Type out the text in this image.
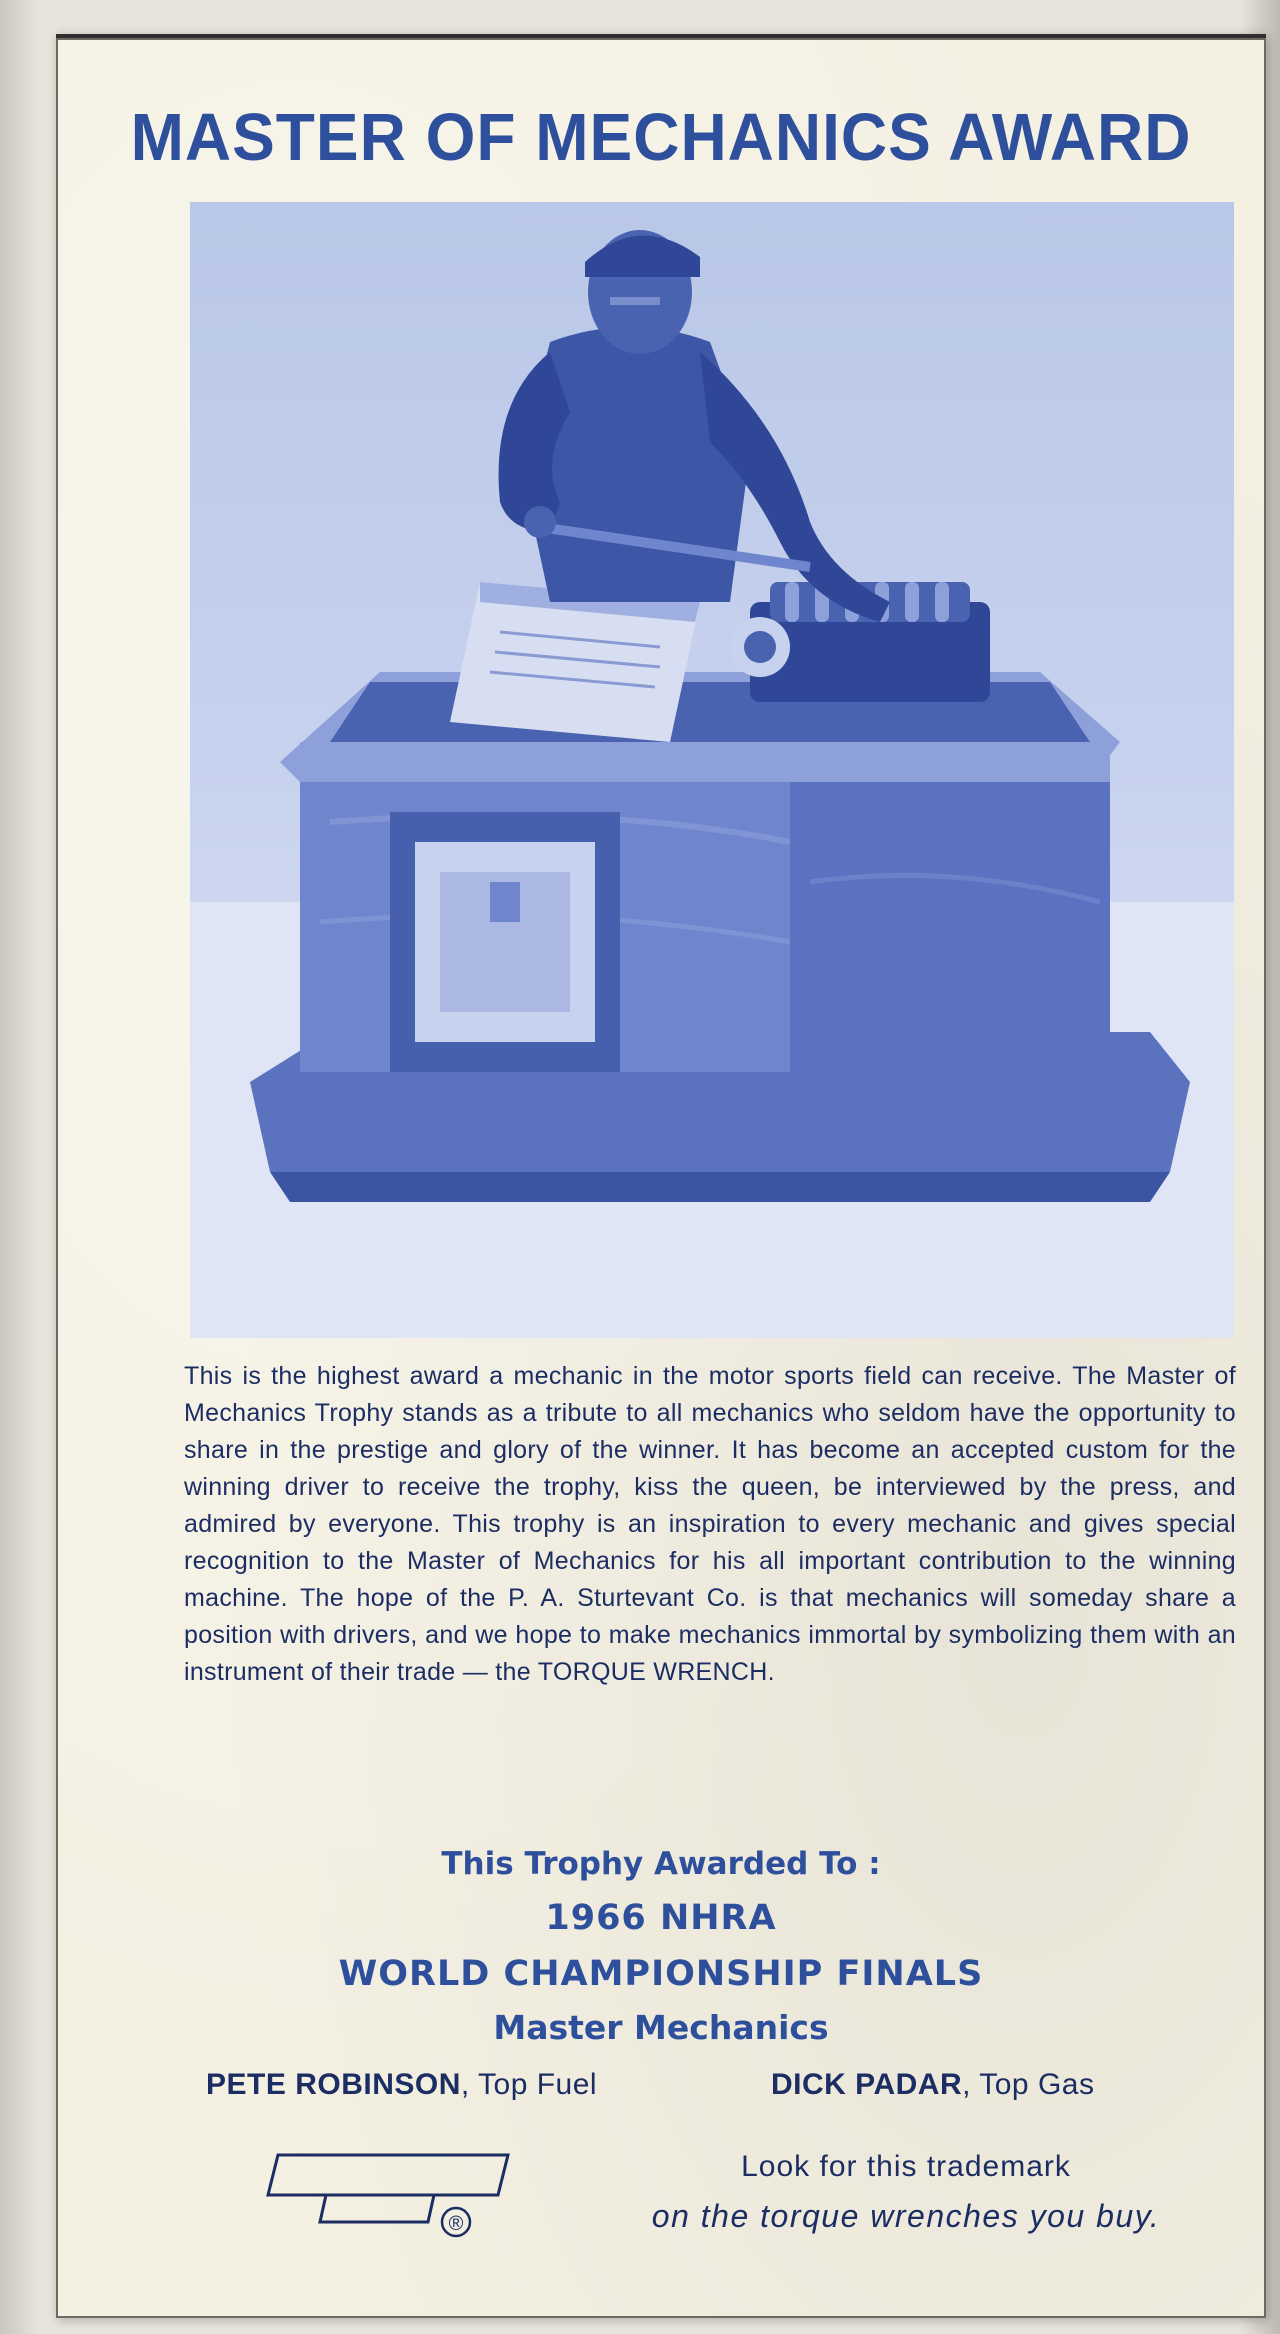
MASTER OF MECHANICS AWARD
This is the highest award a mechanic in the motor sports field can receive. The Master of Mechanics Trophy stands as a tribute to all mechanics who seldom have the opportunity to share in the prestige and glory of the winner. It has become an accepted custom for the winning driver to receive the trophy, kiss the queen, be interviewed by the press, and admired by everyone. This trophy is an inspiration to every mechanic and gives special recognition to the Master of Mechanics for his all important contribution to the winning machine. The hope of the P. A. Sturtevant Co. is that mechanics will someday share a position with drivers, and we hope to make mechanics immortal by symbolizing them with an instrument of their trade — the TORQUE WRENCH.
This Trophy Awarded To :
1966 NHRA
WORLD CHAMPIONSHIP FINALS
Master Mechanics
PETE ROBINSON, Top Fuel	DICK PADAR, Top Gas
®
Look for this trademark
on the torque wrenches you buy.
